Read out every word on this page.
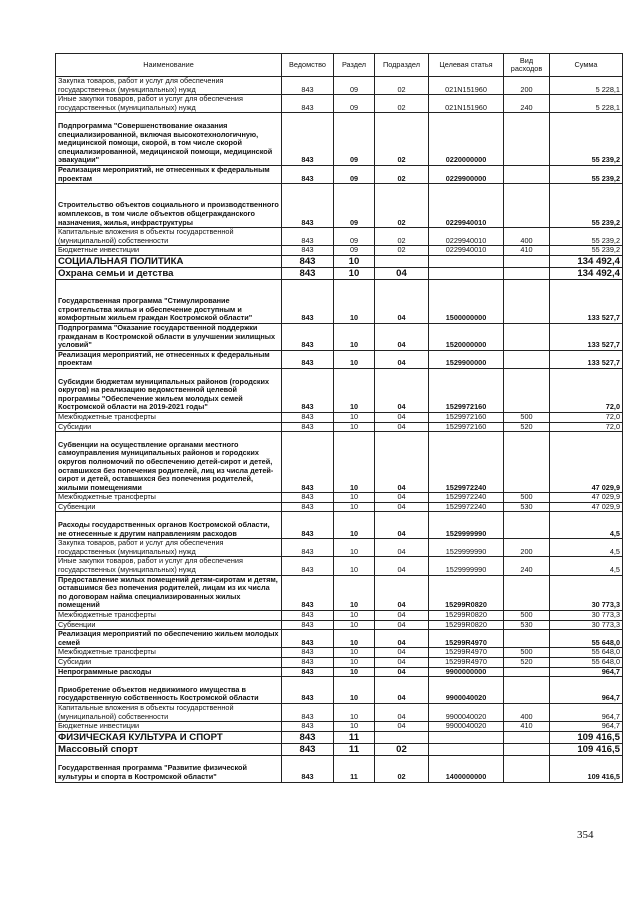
Наименование	Ведомство	Раздел	Подраздел	Целевая статья	Вид расходов	Сумма
Закупка товаров, работ и услуг для обеспечения государственных (муниципальных) нужд	843	09	02	021N151960	200	5 228,1
Иные закупки товаров, работ и услуг для обеспечения государственных (муниципальных) нужд	843	09	02	021N151960	240	5 228,1
Подпрограмма "Совершенствование оказания специализированной, включая высокотехнологичную, медицинской помощи, скорой, в том числе скорой специализированной, медицинской помощи, медицинской эвакуации"	843	09	02	0220000000		55 239,2
Реализация мероприятий, не отнесенных к федеральным проектам	843	09	02	0229900000		55 239,2
Строительство объектов социального и производственного комплексов, в том числе объектов общегражданского назначения, жилья, инфраструктуры	843	09	02	0229940010		55 239,2
Капитальные вложения в объекты государственной (муниципальной) собственности	843	09	02	0229940010	400	55 239,2
Бюджетные инвестиции	843	09	02	0229940010	410	55 239,2
СОЦИАЛЬНАЯ ПОЛИТИКА	843	10				134 492,4
Охрана семьи и детства	843	10	04			134 492,4
Государственная программа "Стимулирование строительства жилья и обеспечение доступным и комфортным жильем граждан Костромской области"	843	10	04	1500000000		133 527,7
Подпрограмма "Оказание государственной поддержки гражданам в Костромской области в улучшении жилищных условий"	843	10	04	1520000000		133 527,7
Реализация мероприятий, не отнесенных к федеральным проектам	843	10	04	1529900000		133 527,7
Субсидии бюджетам муниципальных районов (городских округов) на реализацию ведомственной целевой программы "Обеспечение жильем молодых семей Костромской области на 2019-2021 годы"	843	10	04	1529972160		72,0
Межбюджетные трансферты	843	10	04	1529972160	500	72,0
Субсидии	843	10	04	1529972160	520	72,0
Субвенции на осуществление органами местного самоуправления муниципальных районов и городских округов полномочий по обеспечению детей-сирот и детей, оставшихся без попечения родителей, лиц из числа детей-сирот и детей, оставшихся без попечения родителей, жилыми помещениями	843	10	04	1529972240		47 029,9
Межбюджетные трансферты	843	10	04	1529972240	500	47 029,9
Субвенции	843	10	04	1529972240	530	47 029,9
Расходы государственных органов Костромской области, не отнесенные к другим направлениям расходов	843	10	04	1529999990		4,5
Закупка товаров, работ и услуг для обеспечения государственных (муниципальных) нужд	843	10	04	1529999990	200	4,5
Иные закупки товаров, работ и услуг для обеспечения государственных (муниципальных) нужд	843	10	04	1529999990	240	4,5
Предоставление жилых помещений детям-сиротам и детям, оставшимся без попечения родителей, лицам из их числа по договорам найма специализированных жилых помещений	843	10	04	15299R0820		30 773,3
Межбюджетные трансферты	843	10	04	15299R0820	500	30 773,3
Субвенции	843	10	04	15299R0820	530	30 773,3
Реализация мероприятий по обеспечению жильем молодых семей	843	10	04	15299R4970		55 648,0
Межбюджетные трансферты	843	10	04	15299R4970	500	55 648,0
Субсидии	843	10	04	15299R4970	520	55 648,0
Непрограммные расходы	843	10	04	9900000000		964,7
Приобретение объектов недвижимого имущества в государственную собственность Костромской области	843	10	04	9900040020		964,7
Капитальные вложения в объекты государственной (муниципальной) собственности	843	10	04	9900040020	400	964,7
Бюджетные инвестиции	843	10	04	9900040020	410	964,7
ФИЗИЧЕСКАЯ КУЛЬТУРА И СПОРТ	843	11				109 416,5
Массовый спорт	843	11	02			109 416,5
Государственная программа "Развитие физической культуры и спорта в Костромской области"	843	11	02	1400000000		109 416,5
354
